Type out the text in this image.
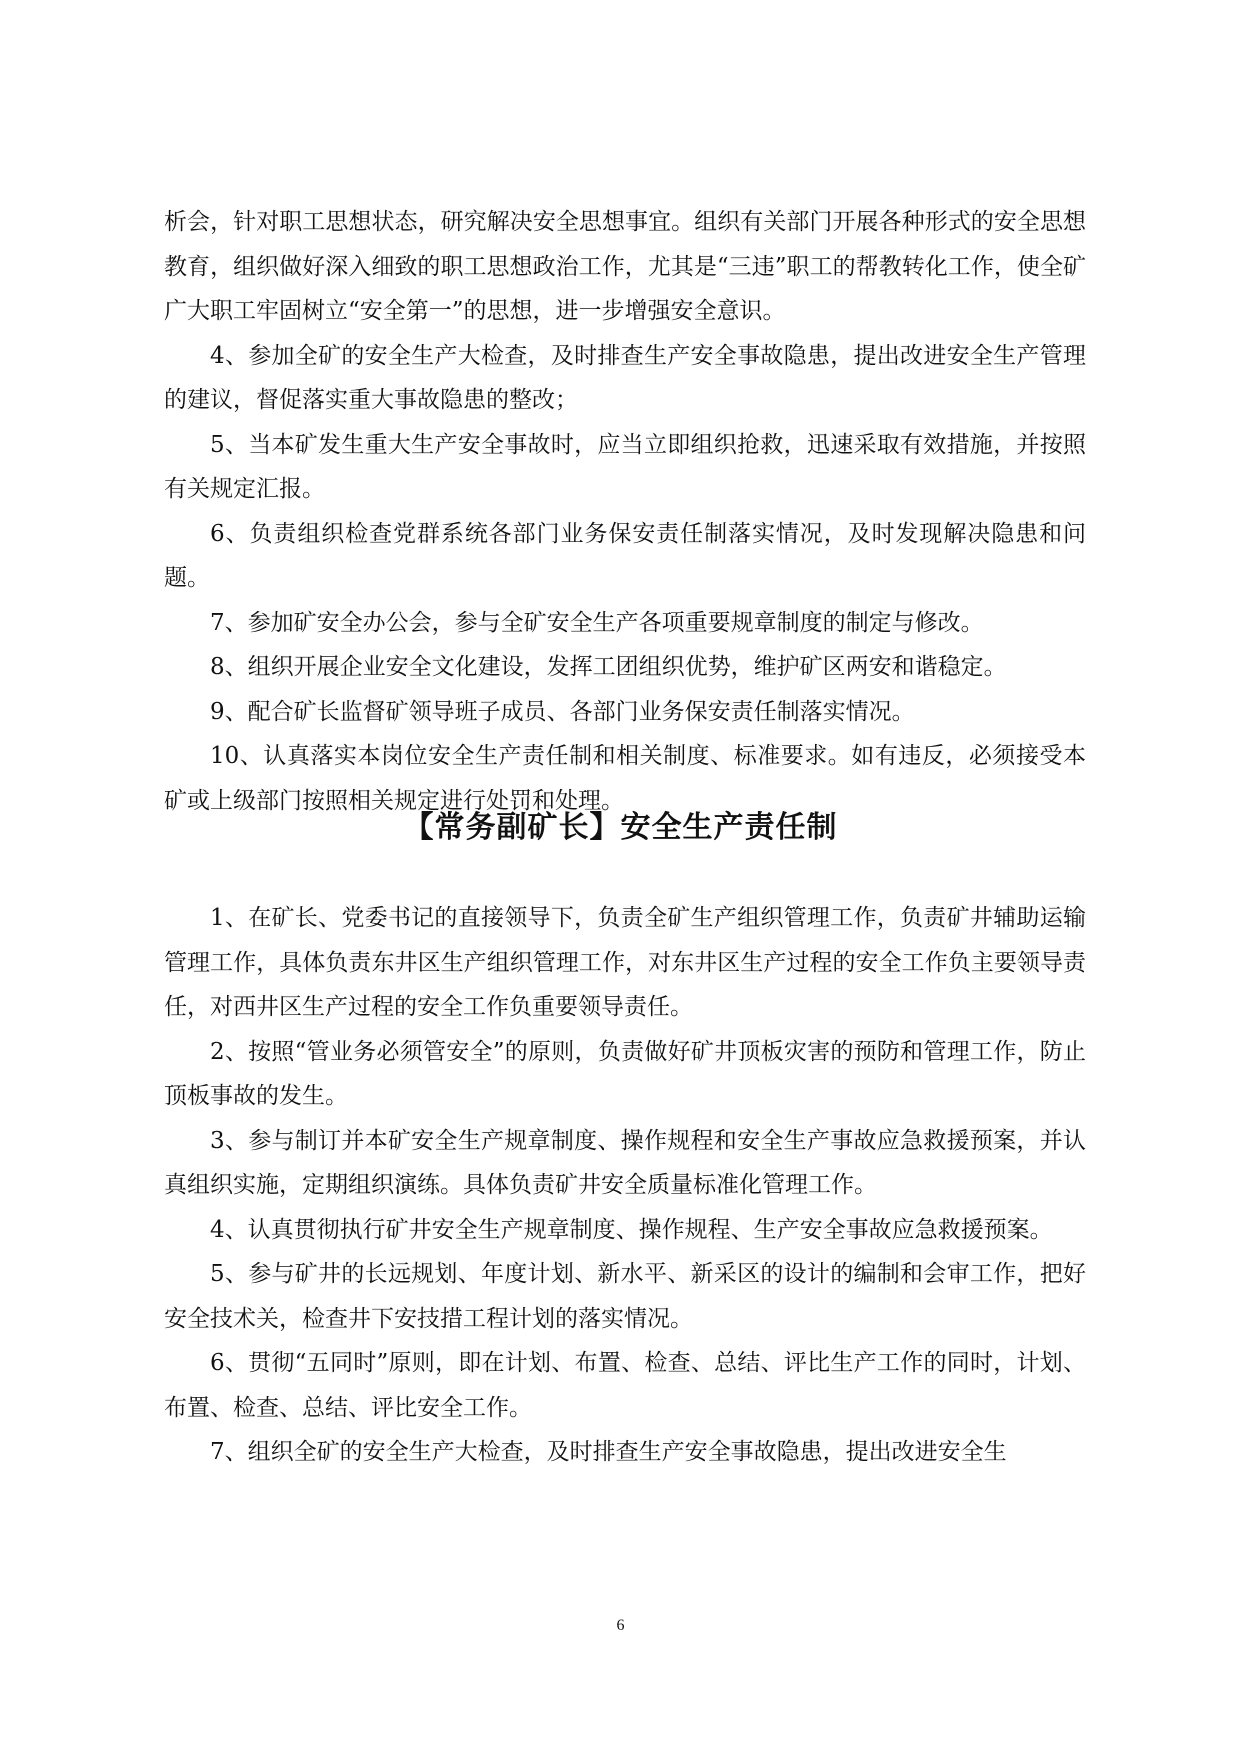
析会，针对职工思想状态，研究解决安全思想事宜。组织有关部门开展各种形式的安全思想教育，组织做好深入细致的职工思想政治工作，尤其是“三违”职工的帮教转化工作，使全矿广大职工牢固树立“安全第一”的思想，进一步增强安全意识。

4、参加全矿的安全生产大检查，及时排查生产安全事故隐患，提出改进安全生产管理的建议，督促落实重大事故隐患的整改；

5、当本矿发生重大生产安全事故时，应当立即组织抢救，迅速采取有效措施，并按照有关规定汇报。

6、负责组织检查党群系统各部门业务保安责任制落实情况，及时发现解决隐患和问题。

7、参加矿安全办公会，参与全矿安全生产各项重要规章制度的制定与修改。

8、组织开展企业安全文化建设，发挥工团组织优势，维护矿区两安和谐稳定。

9、配合矿长监督矿领导班子成员、各部门业务保安责任制落实情况。

10、认真落实本岗位安全生产责任制和相关制度、标准要求。如有违反，必须接受本矿或上级部门按照相关规定进行处罚和处理。

【常务副矿长】安全生产责任制

1、在矿长、党委书记的直接领导下，负责全矿生产组织管理工作，负责矿井辅助运输管理工作，具体负责东井区生产组织管理工作，对东井区生产过程的安全工作负主要领导责任，对西井区生产过程的安全工作负重要领导责任。

2、按照“管业务必须管安全”的原则，负责做好矿井顶板灾害的预防和管理工作，防止顶板事故的发生。

3、参与制订并本矿安全生产规章制度、操作规程和安全生产事故应急救援预案，并认真组织实施，定期组织演练。具体负责矿井安全质量标准化管理工作。

4、认真贯彻执行矿井安全生产规章制度、操作规程、生产安全事故应急救援预案。

5、参与矿井的长远规划、年度计划、新水平、新采区的设计的编制和会审工作，把好安全技术关，检查井下安技措工程计划的落实情况。

6、贯彻“五同时”原则，即在计划、布置、检查、总结、评比生产工作的同时，计划、布置、检查、总结、评比安全工作。

7、组织全矿的安全生产大检查，及时排查生产安全事故隐患，提出改进安全生

6
